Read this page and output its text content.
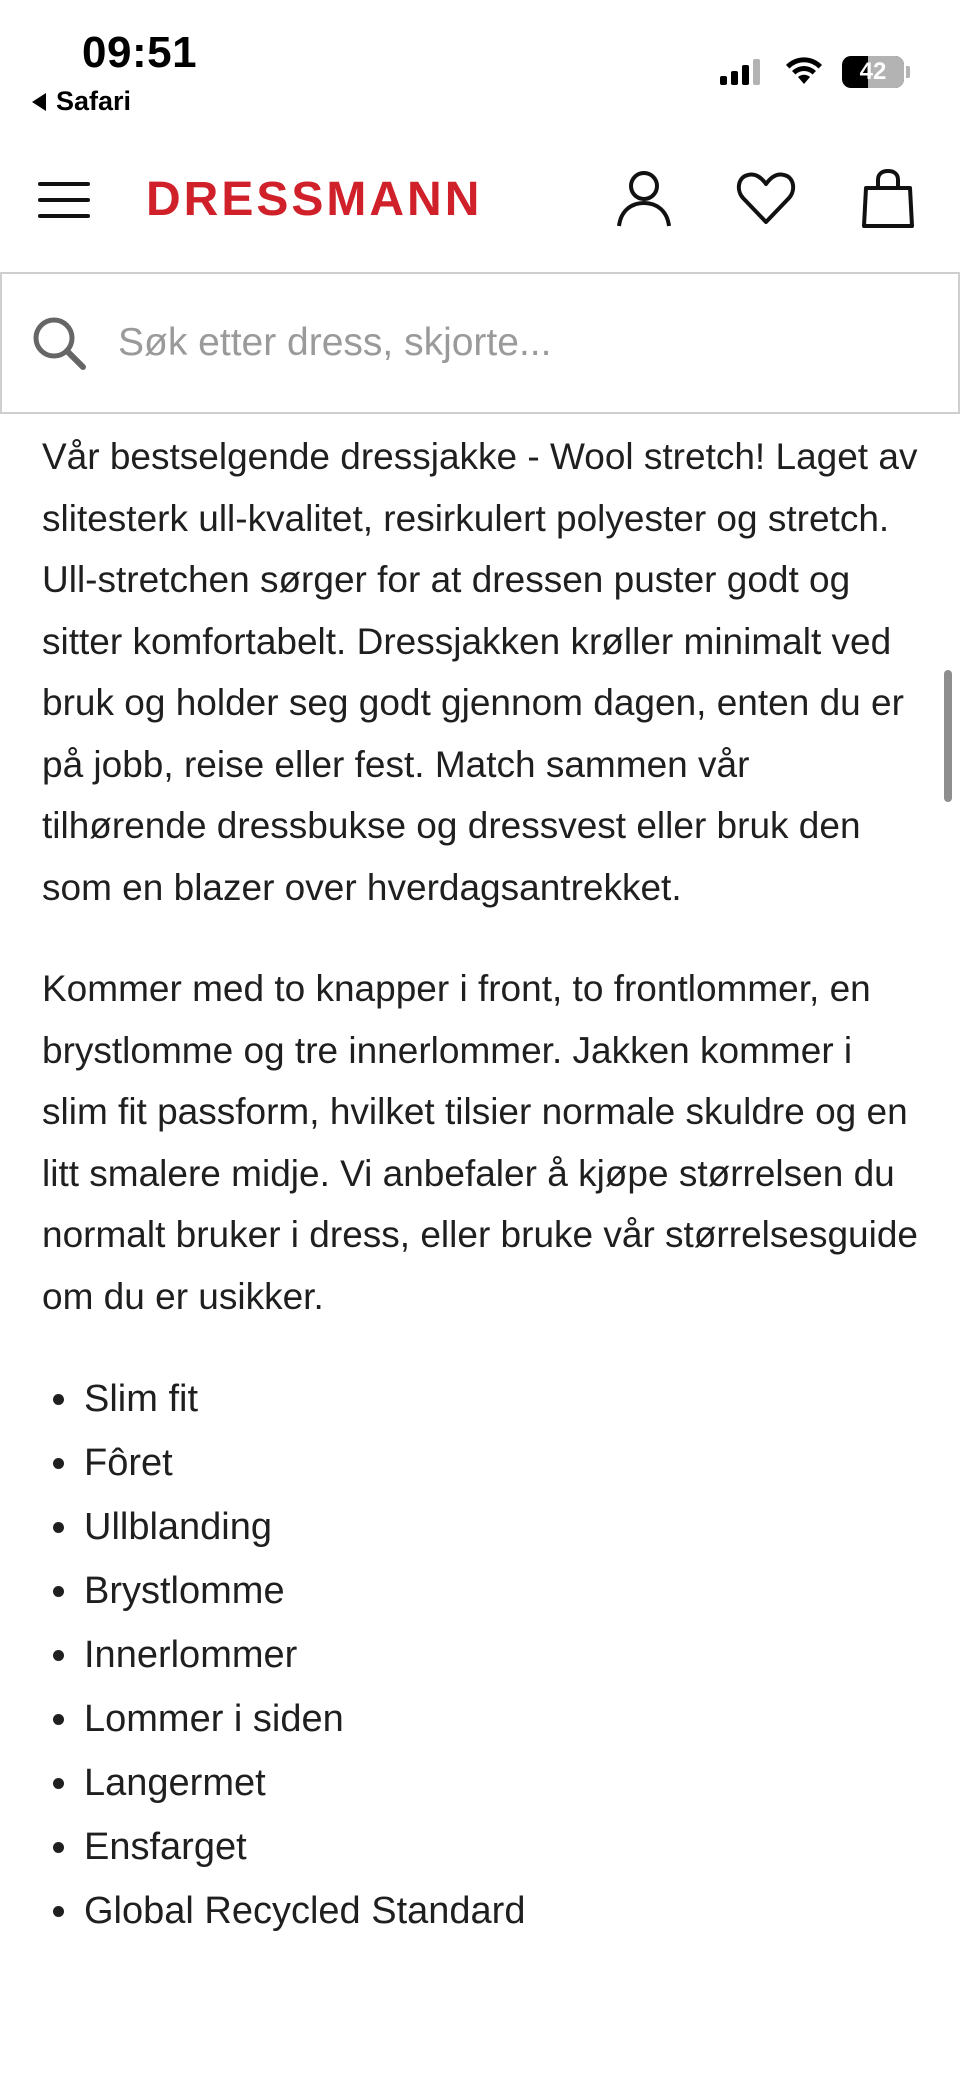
09:51
Safari
42
DRESSMANN
Søk etter dress, skjorte...

Vår bestselgende dressjakke - Wool stretch! Laget av slitesterk ull-kvalitet, resirkulert polyester og stretch. Ull-stretchen sørger for at dressen puster godt og sitter komfortabelt. Dressjakken krøller minimalt ved bruk og holder seg godt gjennom dagen, enten du er på jobb, reise eller fest. Match sammen vår tilhørende dressbukse og dressvest eller bruk den som en blazer over hverdagsantrekket.

Kommer med to knapper i front, to frontlommer, en brystlomme og tre innerlommer. Jakken kommer i slim fit passform, hvilket tilsier normale skuldre og en litt smalere midje. Vi anbefaler å kjøpe størrelsen du normalt bruker i dress, eller bruke vår størrelsesguide om du er usikker.

• Slim fit
• Fôret
• Ullblanding
• Brystlomme
• Innerlommer
• Lommer i siden
• Langermet
• Ensfarget
• Global Recycled Standard
